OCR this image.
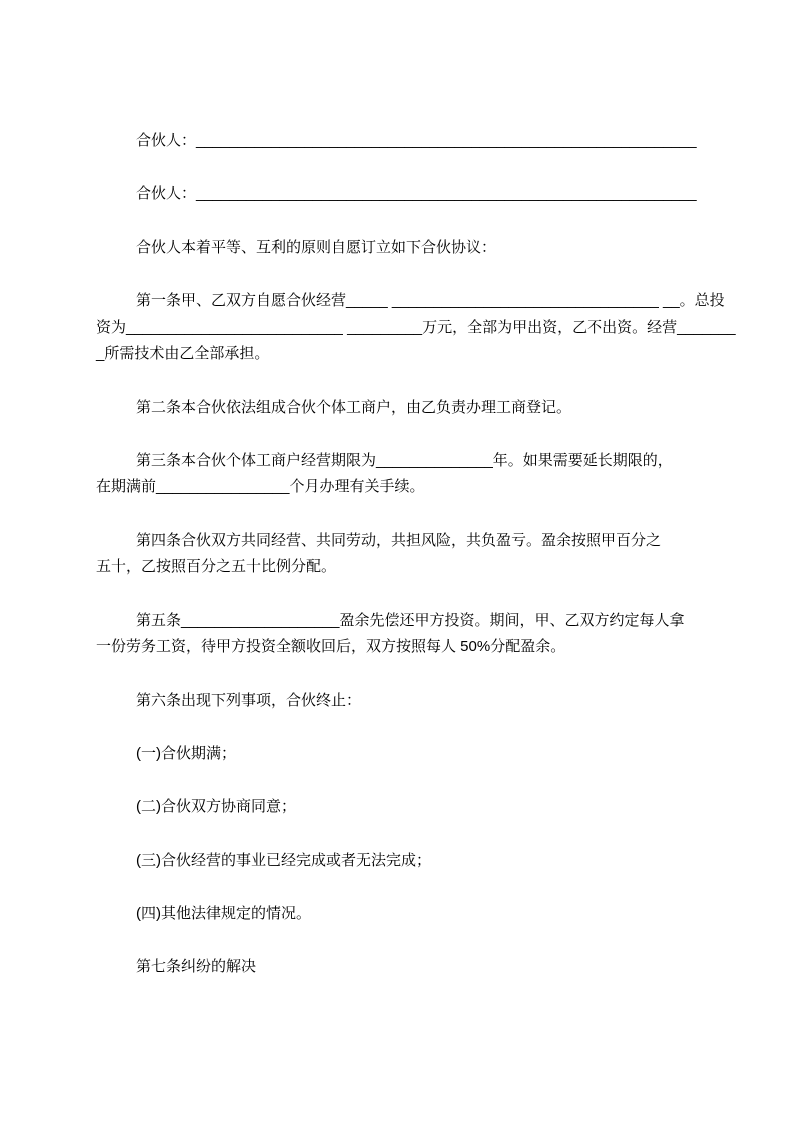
合伙人：____________________________________________________________

合伙人：____________________________________________________________

合伙人本着平等、互利的原则自愿订立如下合伙协议：

第一条甲、乙双方自愿合伙经营_____ ________________________________ __。总投
资为__________________________ _________万元，全部为甲出资，乙不出资。经营_______
_所需技术由乙全部承担。

第二条本合伙依法组成合伙个体工商户，由乙负责办理工商登记。

第三条本合伙个体工商户经营期限为______________年。如果需要延长期限的，
在期满前________________个月办理有关手续。

第四条合伙双方共同经营、共同劳动，共担风险，共负盈亏。盈余按照甲百分之
五十，乙按照百分之五十比例分配。

第五条___________________盈余先偿还甲方投资。期间，甲、乙双方约定每人拿
一份劳务工资，待甲方投资全额收回后，双方按照每人 50%分配盈余。

第六条出现下列事项，合伙终止：

(一)合伙期满；

(二)合伙双方协商同意；

(三)合伙经营的事业已经完成或者无法完成；

(四)其他法律规定的情况。

第七条纠纷的解决
